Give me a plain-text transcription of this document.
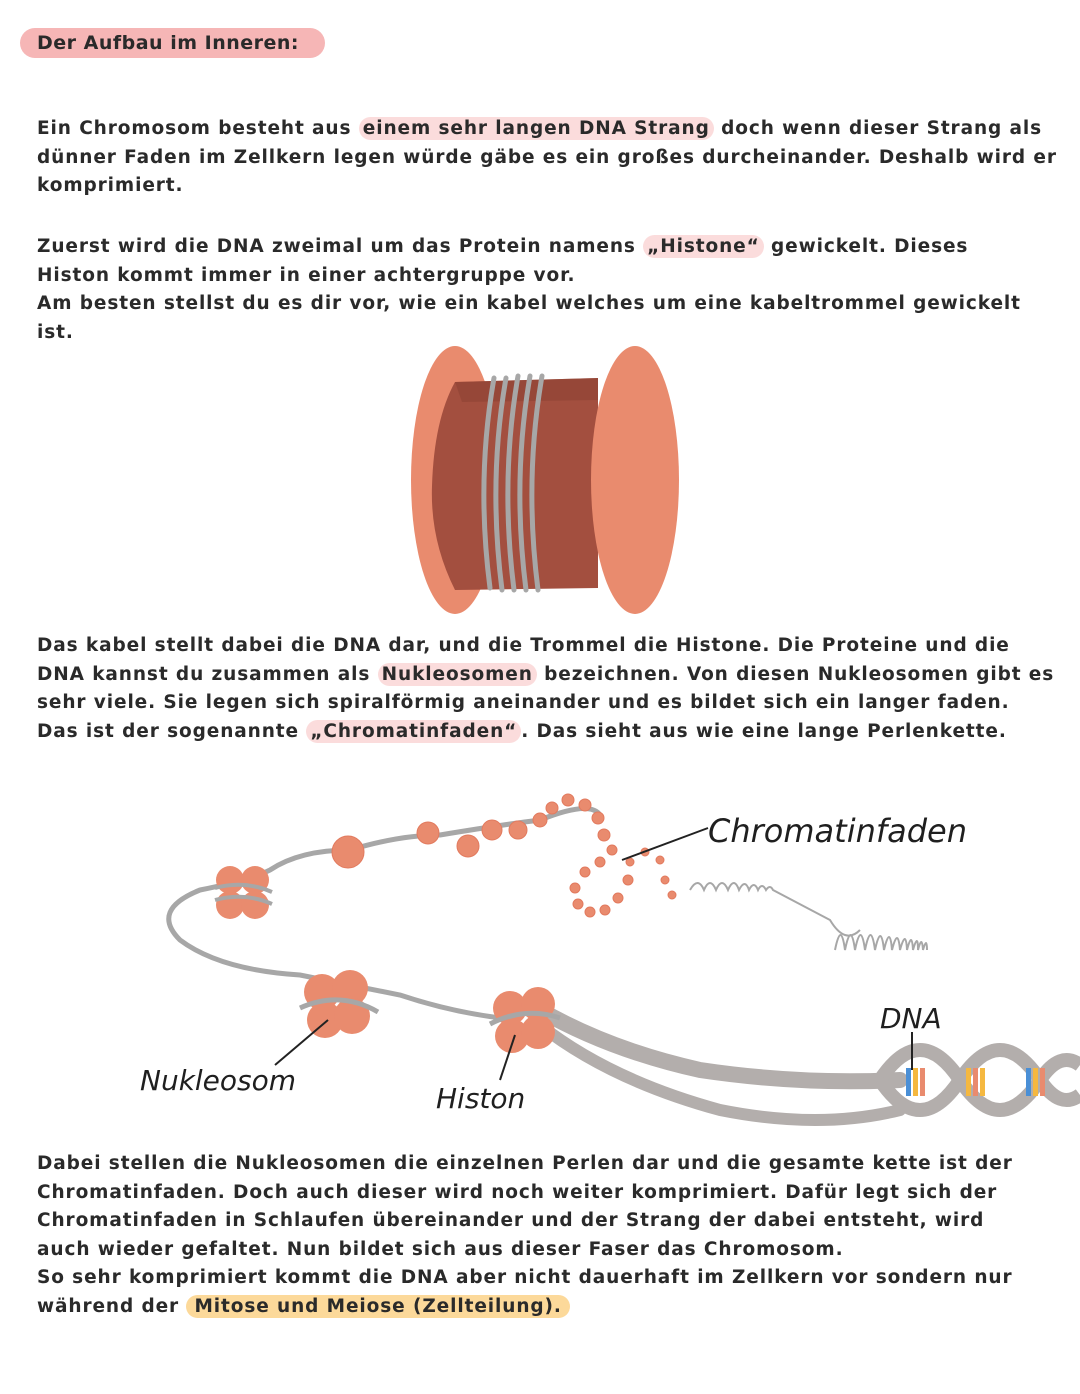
Der Aufbau im Inneren:
Ein Chromosom besteht aus einem sehr langen DNA Strang doch wenn dieser Strang als dünner Faden im Zellkern legen würde gäbe es ein großes durcheinander. Deshalb wird er komprimiert.
Zuerst wird die DNA zweimal um das Protein namens „Histone“ gewickelt. Dieses Histon kommt immer in einer achtergruppe vor.
Am besten stellst du es dir vor, wie ein kabel welches um eine kabeltrommel gewickelt ist.
Das kabel stellt dabei die DNA dar, und die Trommel die Histone. Die Proteine und die DNA kannst du zusammen als Nukleosomen bezeichnen. Von diesen Nukleosomen gibt es sehr viele. Sie legen sich spiralförmig aneinander und es bildet sich ein langer faden. Das ist der sogenannte „Chromatinfaden“ . Das sieht aus wie eine lange Perlenkette.
Chromatinfaden
DNA
Nukleosom
Histon
Dabei stellen die Nukleosomen die einzelnen Perlen dar und die gesamte kette ist der Chromatinfaden. Doch auch dieser wird noch weiter komprimiert. Dafür legt sich der Chromatinfaden in Schlaufen übereinander und der Strang der dabei entsteht, wird auch wieder gefaltet. Nun bildet sich aus dieser Faser das Chromosom.
So sehr komprimiert kommt die DNA aber nicht dauerhaft im Zellkern vor sondern nur während der Mitose und Meiose (Zellteilung).
